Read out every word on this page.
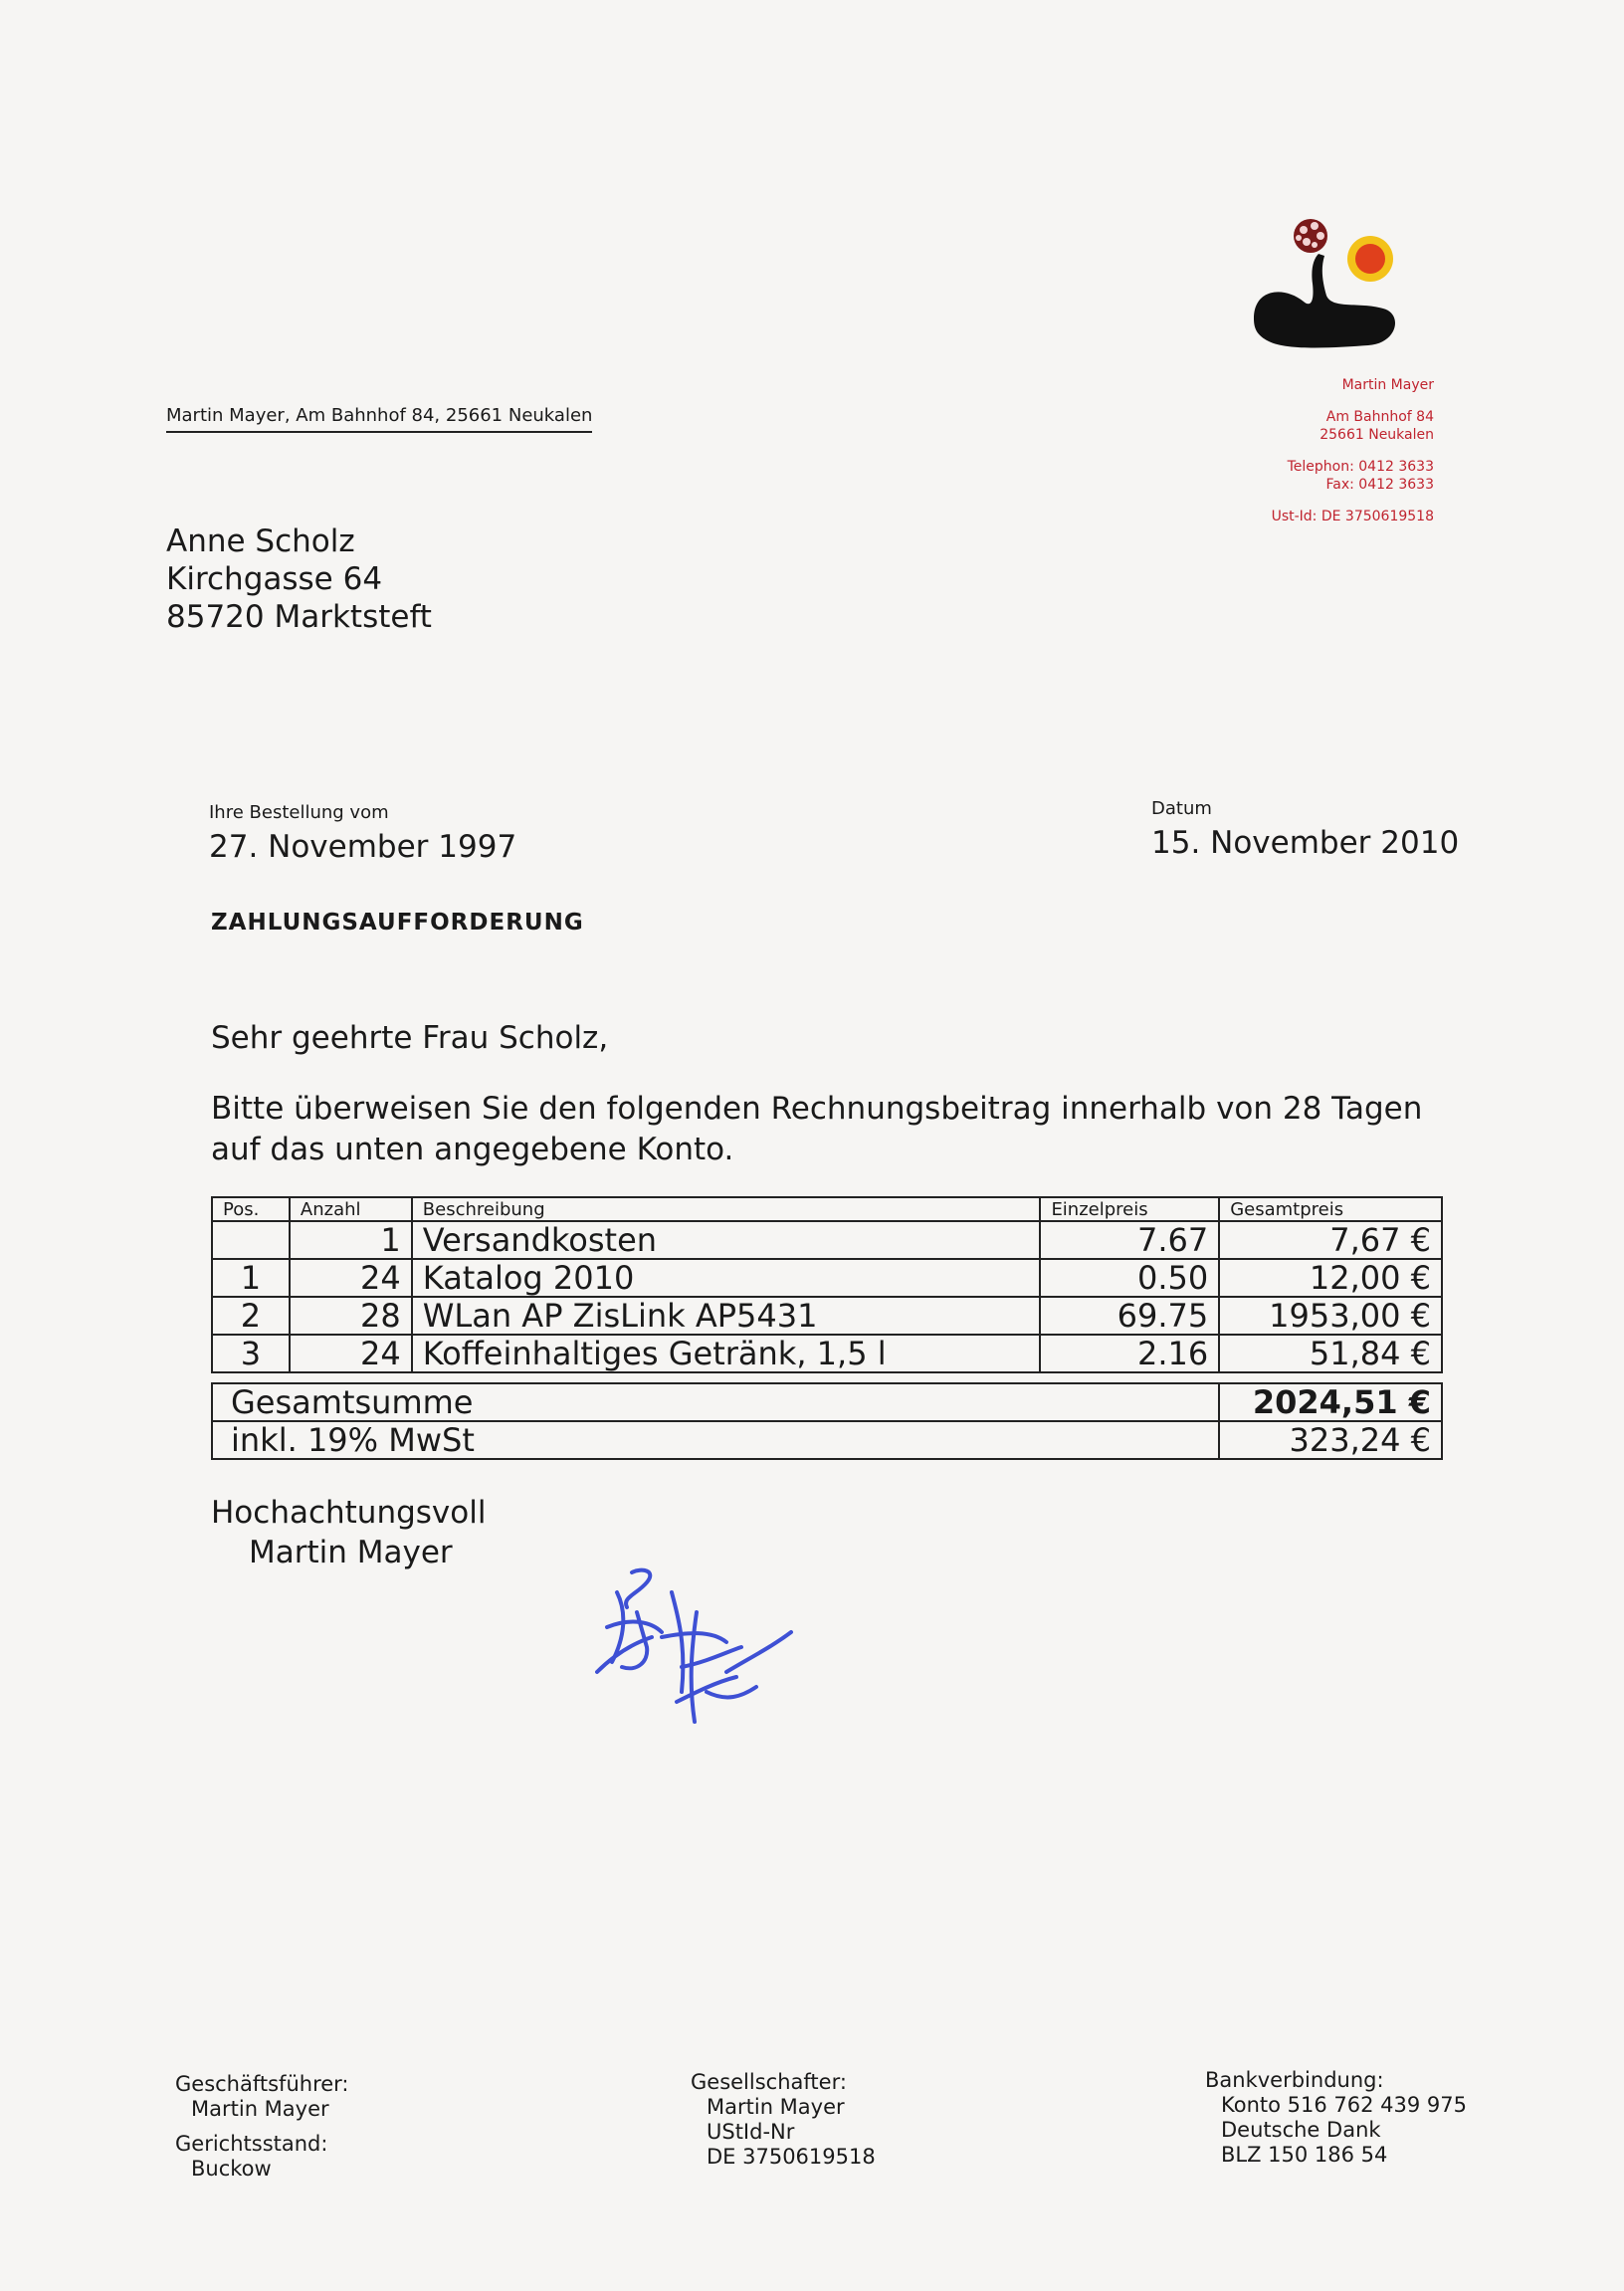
Martin Mayer, Am Bahnhof 84, 25661 Neukalen
Martin Mayer
Am Bahnhof 84
25661 Neukalen
Telephon: 0412 3633
Fax: 0412 3633
Ust-Id: DE 3750619518
Anne Scholz
Kirchgasse 64
85720 Marktsteft
Ihre Bestellung vom
27. November 1997
Datum
15. November 2010
ZAHLUNGSAUFFORDERUNG
Sehr geehrte Frau Scholz,
Bitte überweisen Sie den folgenden Rechnungsbeitrag innerhalb von 28 Tagen
auf das unten angegebene Konto.
Pos.	Anzahl	Beschreibung	Einzelpreis	Gesamtpreis
	1	Versandkosten	7.67	7,67 €
1	24	Katalog 2010	0.50	12,00 €
2	28	WLan AP ZisLink AP5431	69.75	1953,00 €
3	24	Koffeinhaltiges Getränk, 1,5 l	2.16	51,84 €
Gesamtsumme	2024,51 €
inkl. 19% MwSt	323,24 €
Hochachtungsvoll
Martin Mayer
Geschäftsführer:
Martin Mayer
Gerichtsstand:
Buckow
Gesellschafter:
Martin Mayer
UStId-Nr
DE 3750619518
Bankverbindung:
Konto 516 762 439 975
Deutsche Dank
BLZ 150 186 54
